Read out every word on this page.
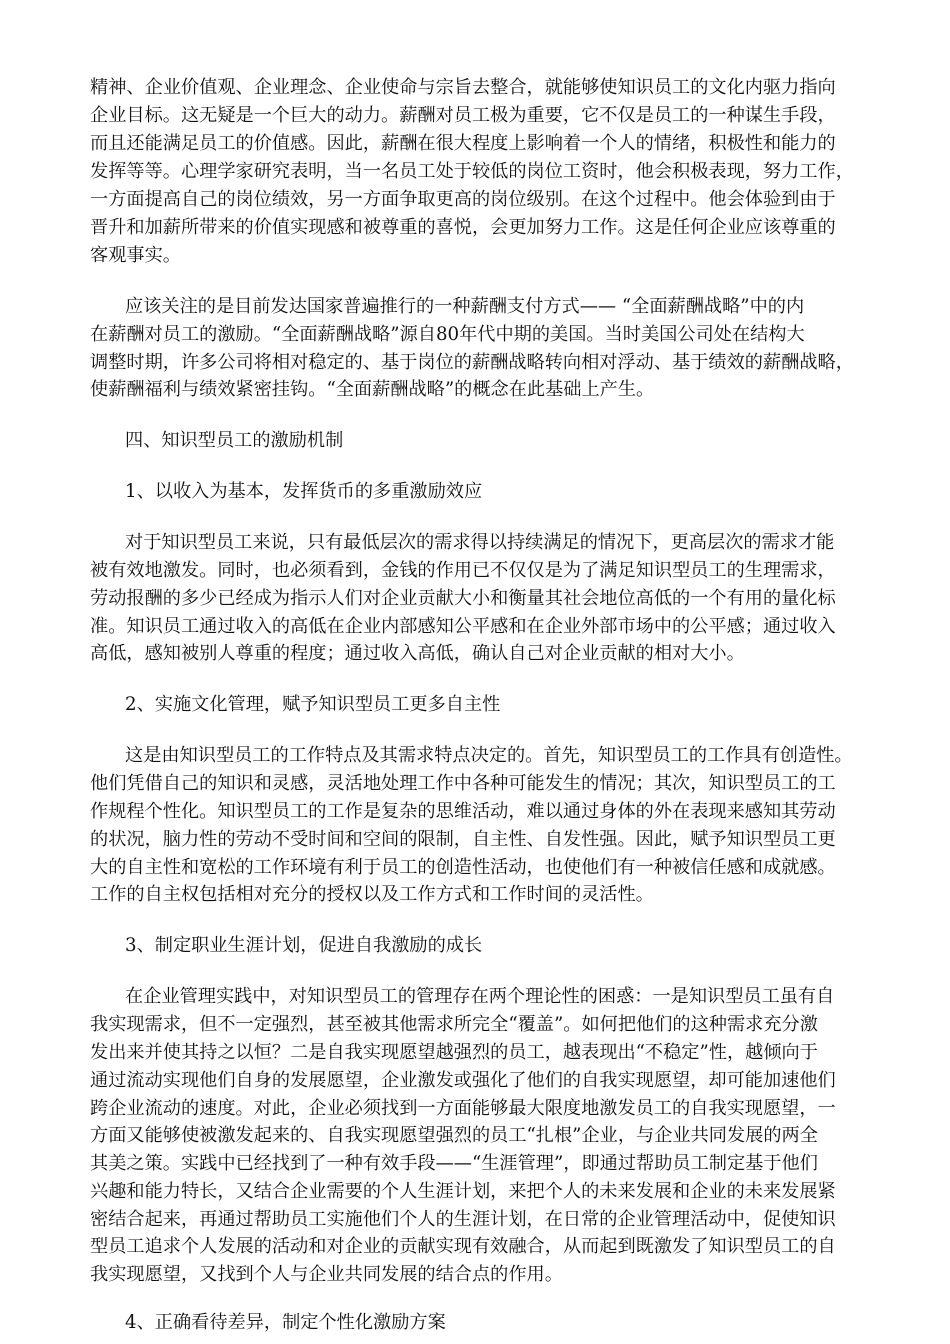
精神、企业价值观、企业理念、企业使命与宗旨去整合，就能够使知识员工的文化内驱力指向
企业目标。这无疑是一个巨大的动力。薪酬对员工极为重要，它不仅是员工的一种谋生手段，
而且还能满足员工的价值感。因此，薪酬在很大程度上影响着一个人的情绪，积极性和能力的
发挥等等。心理学家研究表明，当一名员工处于较低的岗位工资时，他会积极表现，努力工作，
一方面提高自己的岗位绩效，另一方面争取更高的岗位级别。在这个过程中。他会体验到由于
晋升和加薪所带来的价值实现感和被尊重的喜悦，会更加努力工作。这是任何企业应该尊重的
客观事实。
应该关注的是目前发达国家普遍推行的一种薪酬支付方式—— “全面薪酬战略”中的内
在薪酬对员工的激励。“全面薪酬战略”源自80年代中期的美国。当时美国公司处在结构大
调整时期，许多公司将相对稳定的、基于岗位的薪酬战略转向相对浮动、基于绩效的薪酬战略，
使薪酬福利与绩效紧密挂钩。“全面薪酬战略”的概念在此基础上产生。
四、知识型员工的激励机制
1、以收入为基本，发挥货币的多重激励效应
对于知识型员工来说，只有最低层次的需求得以持续满足的情况下，更高层次的需求才能
被有效地激发。同时，也必须看到，金钱的作用已不仅仅是为了满足知识型员工的生理需求，
劳动报酬的多少已经成为指示人们对企业贡献大小和衡量其社会地位高低的一个有用的量化标
准。知识员工通过收入的高低在企业内部感知公平感和在企业外部市场中的公平感；通过收入
高低，感知被别人尊重的程度；通过收入高低，确认自己对企业贡献的相对大小。
2、实施文化管理，赋予知识型员工更多自主性
这是由知识型员工的工作特点及其需求特点决定的。首先，知识型员工的工作具有创造性。
他们凭借自己的知识和灵感，灵活地处理工作中各种可能发生的情况；其次，知识型员工的工
作规程个性化。知识型员工的工作是复杂的思维活动，难以通过身体的外在表现来感知其劳动
的状况，脑力性的劳动不受时间和空间的限制，自主性、自发性强。因此，赋予知识型员工更
大的自主性和宽松的工作环境有利于员工的创造性活动，也使他们有一种被信任感和成就感。
工作的自主权包括相对充分的授权以及工作方式和工作时间的灵活性。
3、制定职业生涯计划，促进自我激励的成长
在企业管理实践中，对知识型员工的管理存在两个理论性的困惑：一是知识型员工虽有自
我实现需求，但不一定强烈，甚至被其他需求所完全“覆盖”。如何把他们的这种需求充分激
发出来并使其持之以恒？二是自我实现愿望越强烈的员工，越表现出“不稳定”性，越倾向于
通过流动实现他们自身的发展愿望，企业激发或强化了他们的自我实现愿望，却可能加速他们
跨企业流动的速度。对此，企业必须找到一方面能够最大限度地激发员工的自我实现愿望，一
方面又能够使被激发起来的、自我实现愿望强烈的员工“扎根”企业，与企业共同发展的两全
其美之策。实践中已经找到了一种有效手段——“生涯管理”，即通过帮助员工制定基于他们
兴趣和能力特长，又结合企业需要的个人生涯计划，来把个人的未来发展和企业的未来发展紧
密结合起来，再通过帮助员工实施他们个人的生涯计划，在日常的企业管理活动中，促使知识
型员工追求个人发展的活动和对企业的贡献实现有效融合，从而起到既激发了知识型员工的自
我实现愿望，又找到个人与企业共同发展的结合点的作用。
4、正确看待差异，制定个性化激励方案
